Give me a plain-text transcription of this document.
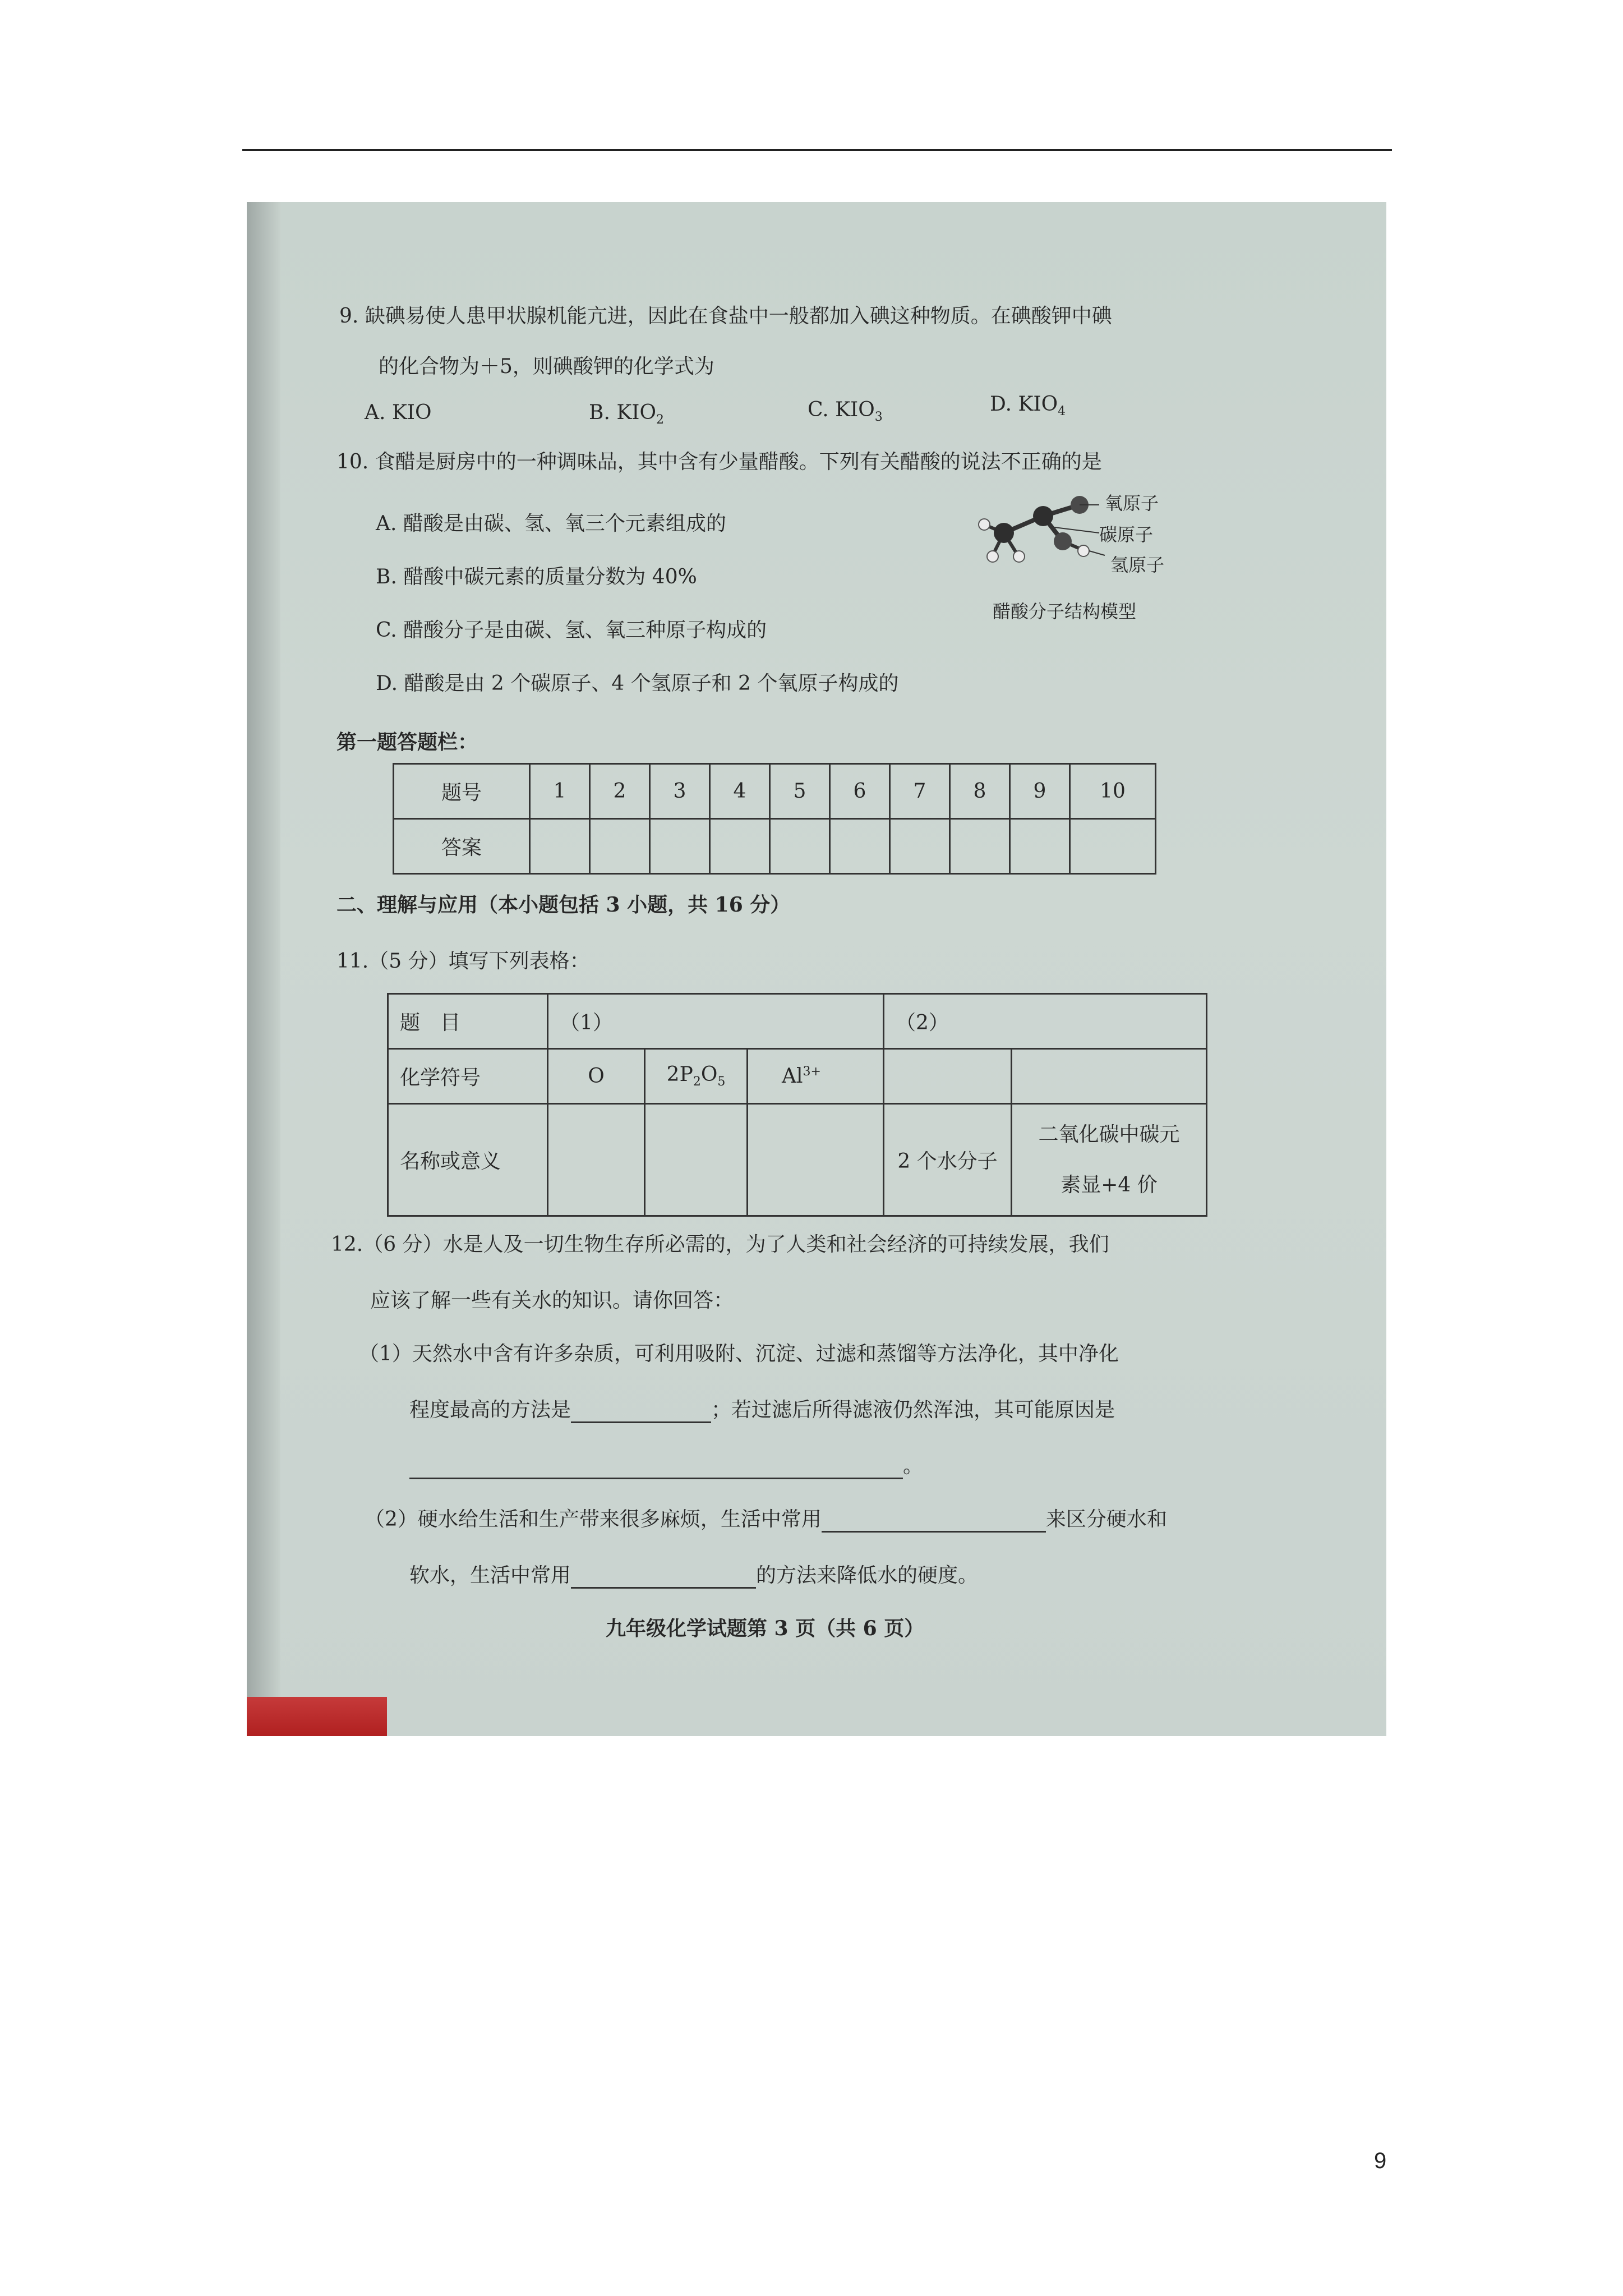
9. 缺碘易使人患甲状腺机能亢进，因此在食盐中一般都加入碘这种物质。在碘酸钾中碘
的化合物为＋5，则碘酸钾的化学式为
A. KIO	B. $KIO_2$	C. $KIO_3$
D. $KIO_4$
10. 食醋是厨房中的一种调味品，其中含有少量醋酸。下列有关醋酸的说法不正确的是
A. 醋酸是由碳、氢、氧三个元素组成的
B. 醋酸中碳元素的质量分数为 40%
C. 醋酸分子是由碳、氢、氧三种原子构成的
D. 醋酸是由 2 个碳原子、4 个氢原子和 2 个氧原子构成的
氧原子
碳原子
氢原子
醋酸分子结构模型
第一题答题栏：
题号	1	2	3	4	5	6	7	8	9	10
答案										
二、理解与应用（本小题包括 3 小题，共 16 分）
11.（5 分）填写下列表格：
题　目	（1）			（2）	
化学符号	O	$2P_2O_5$	$Al^{3+}$		
名称或意义				2 个水分子	二氧化碳中碳元
素显+4 价
12.（6 分）水是人及一切生物生存所必需的，为了人类和社会经济的可持续发展，我们
应该了解一些有关水的知识。请你回答：
（1）天然水中含有许多杂质，可利用吸附、沉淀、过滤和蒸馏等方法净化，其中净化
程度最高的方法是	；若过滤后所得滤液仍然浑浊，其可能原因是
。
（2）硬水给生活和生产带来很多麻烦，生活中常用	来区分硬水和
软水，生活中常用	的方法来降低水的硬度。
九年级化学试题第 3 页（共 6 页）
9
